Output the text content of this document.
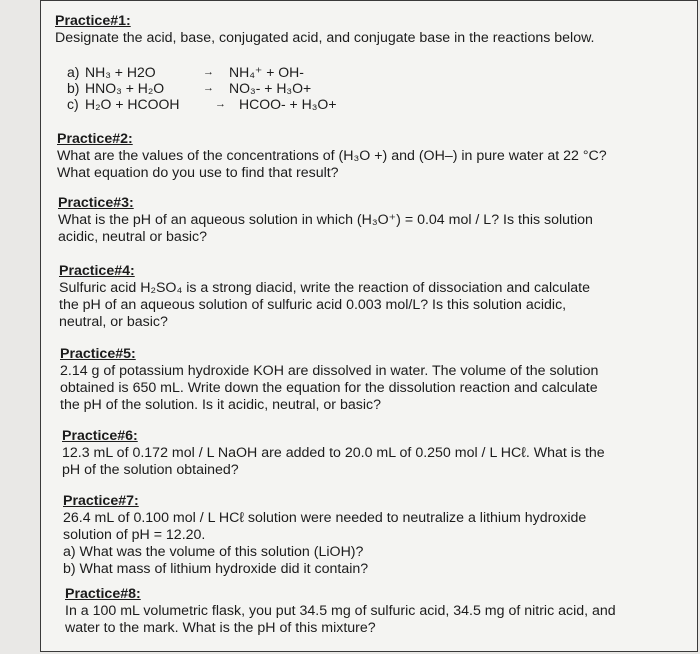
Practice#1:
Designate the acid, base, conjugated acid, and conjugate base in the reactions below.
a) NH₃ + H2O	→ NH₄⁺ + OH-
b) HNO₃ + H₂O	→ NO₃- + H₃O+
c) H₂O + HCOOH	→ HCOO- + H₃O+
Practice#2:
What are the values of the concentrations of (H₃O +) and (OH–) in pure water at 22 °C?
What equation do you use to find that result?
Practice#3:
What is the pH of an aqueous solution in which (H₃O⁺) = 0.04 mol / L? Is this solution
acidic, neutral or basic?
Practice#4:
Sulfuric acid H₂SO₄ is a strong diacid, write the reaction of dissociation and calculate
the pH of an aqueous solution of sulfuric acid 0.003 mol/L? Is this solution acidic,
neutral, or basic?
Practice#5:
2.14 g of potassium hydroxide KOH are dissolved in water. The volume of the solution
obtained is 650 mL. Write down the equation for the dissolution reaction and calculate
the pH of the solution. Is it acidic, neutral, or basic?
Practice#6:
12.3 mL of 0.172 mol / L NaOH are added to 20.0 mL of 0.250 mol / L HCℓ. What is the
pH of the solution obtained?
Practice#7:
26.4 mL of 0.100 mol / L HCℓ solution were needed to neutralize a lithium hydroxide
solution of pH = 12.20.
a) What was the volume of this solution (LiOH)?
b) What mass of lithium hydroxide did it contain?
Practice#8:
In a 100 mL volumetric flask, you put 34.5 mg of sulfuric acid, 34.5 mg of nitric acid, and
water to the mark. What is the pH of this mixture?
